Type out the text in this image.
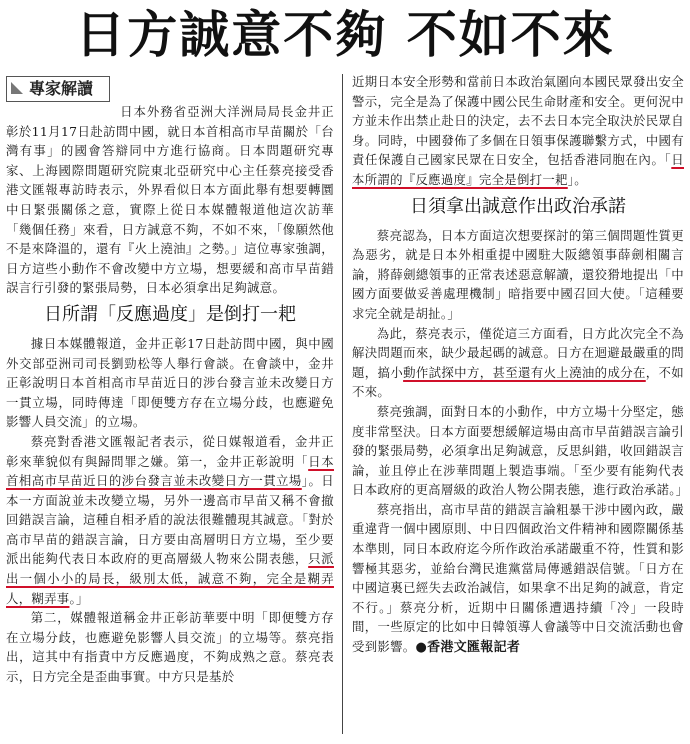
日方誠意不夠 不如不來
專家解讀

日本外務省亞洲大洋洲局局長金井正彰於11月17日赴訪問中國，就日本首相高市早苗關於「台灣有事」的國會答辯同中方進行協商。日本問題研究專家、上海國際問題研究院東北亞研究中心主任蔡亮接受香港文匯報專訪時表示，外界看似日本方面此舉有想要轉圜中日緊張關係之意，實際上從日本媒體報道他這次訪華「幾個任務」來看，日方誠意不夠，不如不來，「像願然他不是來降溫的，還有『火上澆油』之勢。」這位專家強調，日方這些小動作不會改變中方立場，想要緩和高市早苗錯誤言行引發的緊張局勢，日本必須拿出足夠誠意。

日所謂「反應過度」是倒打一耙

據日本媒體報道，金井正彰17日赴訪問中國，與中國外交部亞洲司司長劉勁松等人舉行會談。在會談中，金井正彰說明日本首相高市早苗近日的涉台發言並未改變日方一貫立場，同時傳達「即便雙方存在立場分歧，也應避免影響人員交流」的立場。

蔡亮對香港文匯報記者表示，從日媒報道看，金井正彰來華貌似有與歸問罪之嫌。第一，金井正彰說明「日本首相高市早苗近日的涉台發言並未改變日方一貫立場」。日本一方面說並未改變立場，另外一邊高市早苗又稱不會撤回錯誤言論，這種自相矛盾的說法很難體現其誠意。「對於高市早苗的錯誤言論，日方要由高層明日方立場，至少要派出能夠代表日本政府的更高層級人物來公開表態，只派出一個小小的局長，級別太低，誠意不夠，完全是糊弄人，糊弄事。」

第二，媒體報道稱金井正彰訪華要中明「即便雙方存在立場分歧，也應避免影響人員交流」的立場等。蔡亮指出，這其中有指責中方反應過度，不夠成熟之意。蔡亮表示，日方完全是歪曲事實。中方只是基於

近期日本安全形勢和當前日本政治氣圍向本國民眾發出安全警示，完全是為了保護中國公民生命財產和安全。更何況中方並未作出禁止赴日的決定，去不去日本完全取決於民眾自身。同時，中國發佈了多個在日領事保護聯繫方式，中國有責任保護自己國家民眾在日安全，包括香港同胞在內。「日本所謂的『反應過度』完全是倒打一耙」。

日須拿出誠意作出政治承諾

蔡亮認為，日本方面這次想要探討的第三個問題性質更為惡劣，就是日本外相重提中國駐大阪總領事薛劍相關言論，將薛劍總領事的正常表述惡意解讀，還狡猾地提出「中國方面要做妥善處理機制」暗指要中國召回大使。「這種要求完全就是胡扯。」

為此，蔡亮表示，僅從這三方面看，日方此次完全不為解決問題而來，缺少最起碼的誠意。日方在迴避最嚴重的問題，搞小動作試探中方，甚至還有火上澆油的成分在，不如不來。

蔡亮強調，面對日本的小動作，中方立場十分堅定，態度非常堅決。日本方面要想緩解這場由高市早苗錯誤言論引發的緊張局勢，必須拿出足夠誠意，反思糾錯，收回錯誤言論，並且停止在涉華問題上製造事端。「至少要有能夠代表日本政府的更高層級的政治人物公開表態，進行政治承諾。」

蔡亮指出，高市早苗的錯誤言論粗暴干涉中國內政，嚴重違背一個中國原則、中日四個政治文件精神和國際關係基本準則，同日本政府迄今所作政治承諾嚴重不符，性質和影響極其惡劣，並給台灣民進黨當局傳遞錯誤信號。「日方在中國這裏已經失去政治誠信，如果拿不出足夠的誠意，肯定不行。」蔡亮分析，近期中日關係遭遇持續「冷」一段時間，一些原定的比如中日韓領導人會議等中日交流活動也會受到影響。●香港文匯報記者
